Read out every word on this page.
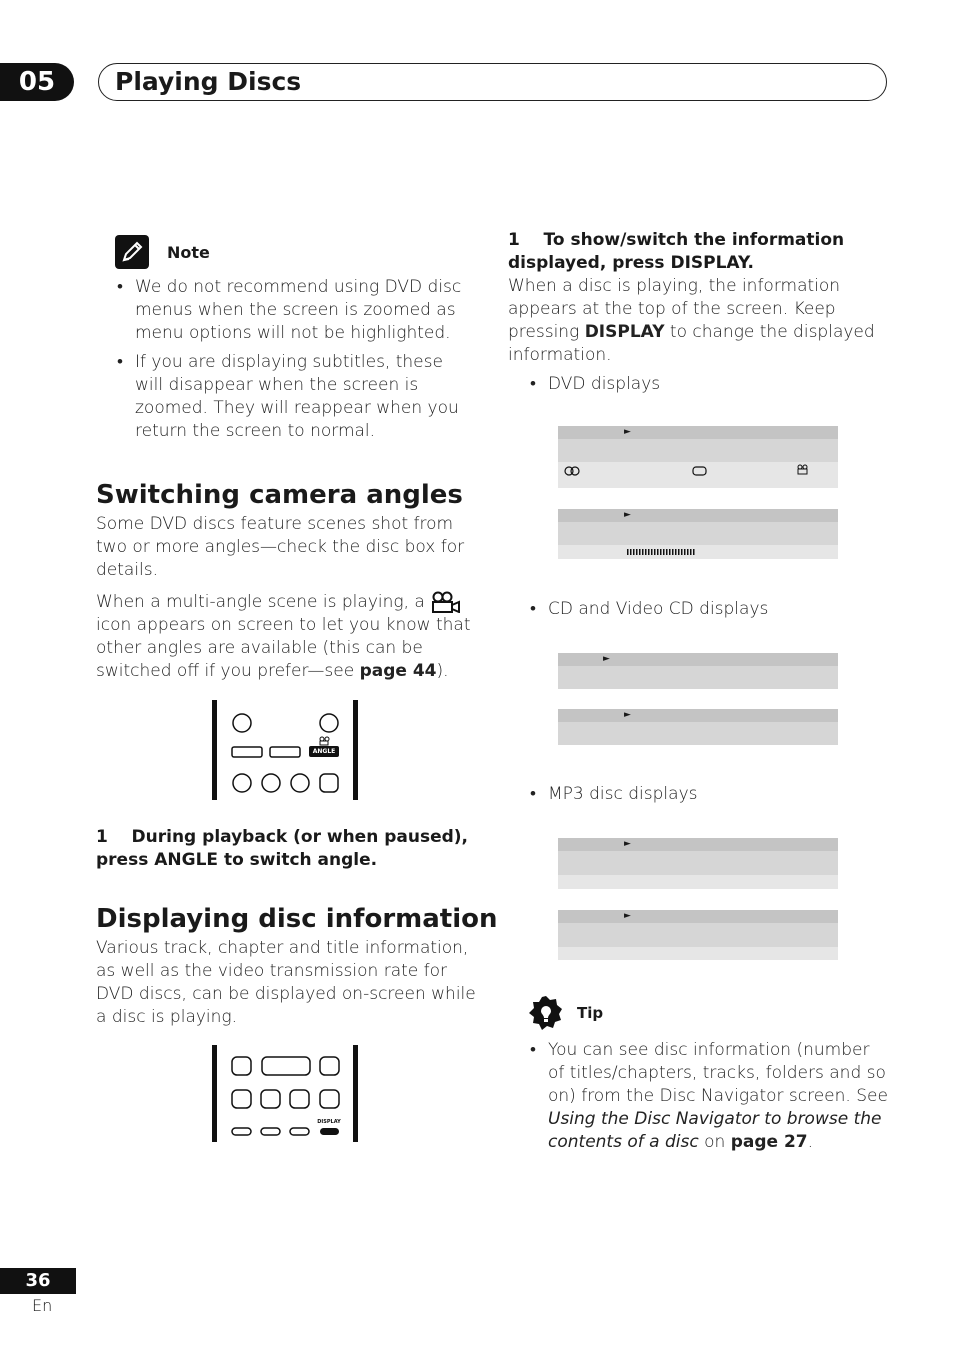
05	Playing Discs
Note
• We do not recommend using DVD disc menus when the screen is zoomed as menu options will not be highlighted.
• If you are displaying subtitles, these will disappear when the screen is zoomed. They will reappear when you return the screen to normal.
Switching camera angles
Some DVD discs feature scenes shot from two or more angles—check the disc box for details.
When a multi-angle scene is playing, a  icon appears on screen to let you know that other angles are available (this can be switched off if you prefer—see page 44).
ANGLE
1 During playback (or when paused), press ANGLE to switch angle.
Displaying disc information
Various track, chapter and title information, as well as the video transmission rate for DVD discs, can be displayed on-screen while a disc is playing.
DISPLAY
1 To show/switch the information displayed, press DISPLAY.
When a disc is playing, the information appears at the top of the screen. Keep pressing DISPLAY to change the displayed information.
• DVD displays
►
►
• CD and Video CD displays
►
►
• MP3 disc displays
►
►
Tip
• You can see disc information (number of titles/chapters, tracks, folders and so on) from the Disc Navigator screen. See Using the Disc Navigator to browse the contents of a disc on page 27.
36
En
